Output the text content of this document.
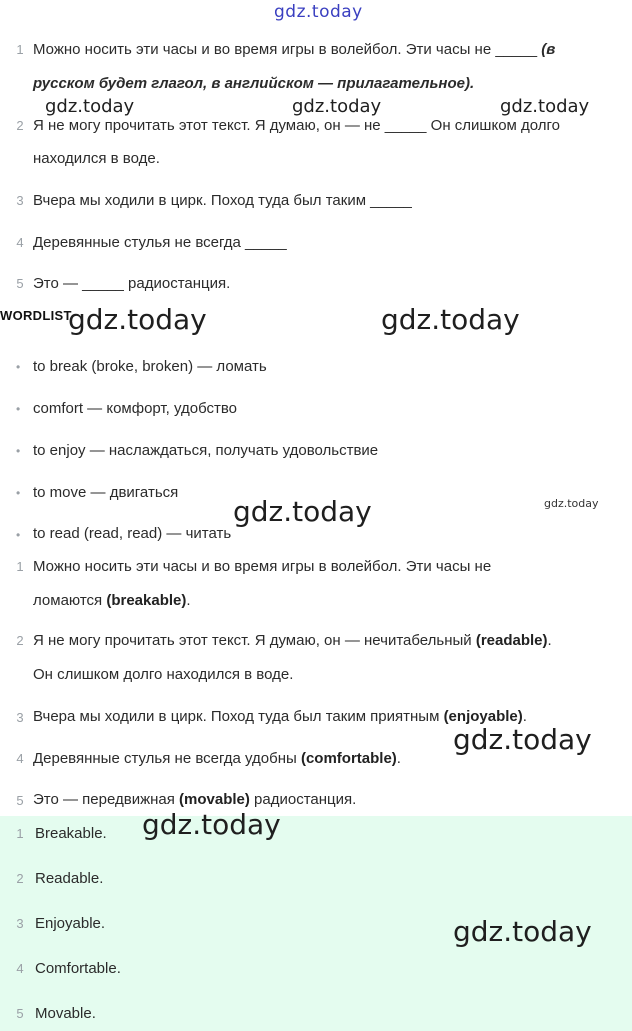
gdz.today
1 Можно носить эти часы и во время игры в волейбол. Эти часы не _____ (в
русском будет глагол, в английском — прилагательное).
2 Я не могу прочитать этот текст. Я думаю, он — не _____ Он слишком долго
находился в воде.
3 Вчера мы ходили в цирк. Поход туда был таким _____
4 Деревянные стулья не всегда _____
5 Это — _____ радиостанция.
gdz.today	gdz.today	gdz.today
WORDLIST
gdz.today	gdz.today
• to break (broke, broken) — ломать
• comfort — комфорт, удобство
• to enjoy — наслаждаться, получать удовольствие
• to move — двигаться
• to read (read, read) — читать
gdz.today	gdz.today
1 Можно носить эти часы и во время игры в волейбол. Эти часы не
ломаются (breakable).
2 Я не могу прочитать этот текст. Я думаю, он — нечитабельный (readable).
Он слишком долго находился в воде.
3 Вчера мы ходили в цирк. Поход туда был таким приятным (enjoyable).
4 Деревянные стулья не всегда удобны (comfortable).
5 Это — передвижная (movable) радиостанция.
gdz.today
1 Breakable.
2 Readable.
3 Enjoyable.
4 Comfortable.
5 Movable.
gdz.today
gdz.today
